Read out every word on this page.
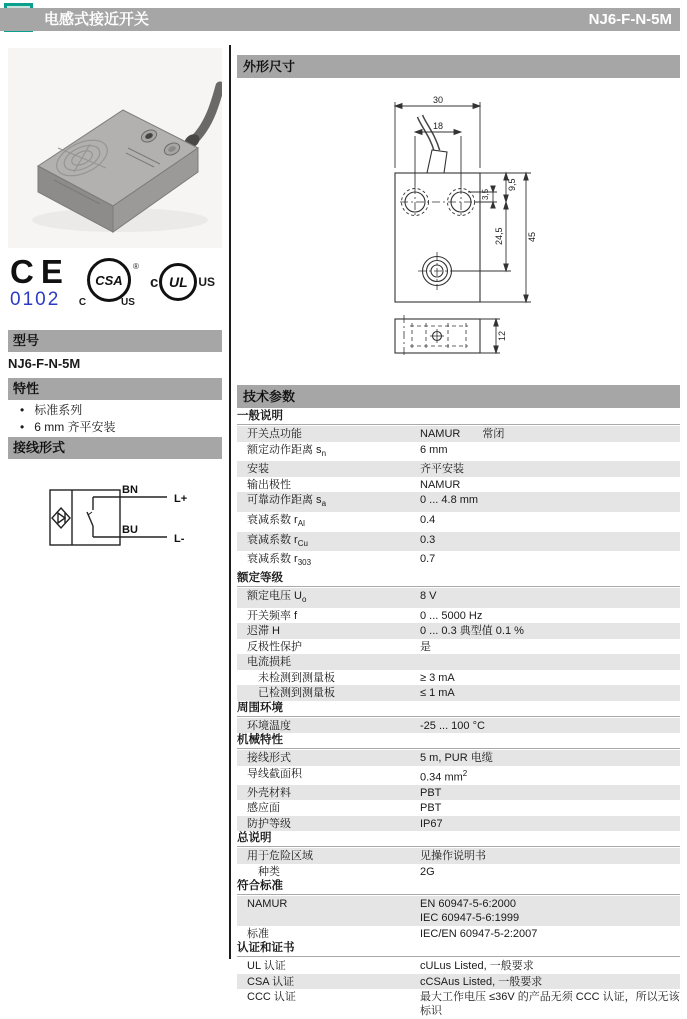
电感式接近开关	NJ6-F-N-5M
CE
0102
CSA
®
C	US
c UL US
型号
NJ6-F-N-5M
特性
• 标准系列
• 6 mm 齐平安装
接线形式
BN
BU
L+
L-
外形尺寸
30
18
9,5
3,5
24,5	45
12
技术参数
一般说明
开关点功能	NAMUR 常闭
额定动作距离 $s_n$	6 mm
安装	齐平安装
输出极性	NAMUR
可靠动作距离 $s_a$	0 ... 4.8 mm
衰减系数 $r_{Al}$	0.4
衰减系数 $r_{Cu}$	0.3
衰减系数 $r_{303}$	0.7
额定等级
额定电压 $U_o$	8 V
开关频率 f	0 ... 5000 Hz
迟滞 H	0 ... 0.3 典型值 0.1 %
反极性保护	是
电流损耗
未检测到测量板	≥ 3 mA
已检测到测量板	≤ 1 mA
周围环境
环境温度	-25 ... 100 °C
机械特性
接线形式	5 m, PUR 电缆
导线截面积	0.34 $mm^2$
外壳材料	PBT
感应面	PBT
防护等级	IP67
总说明
用于危险区域	见操作说明书
种类	2G
符合标准
NAMUR	EN 60947-5-6:2000
IEC 60947-5-6:1999
标准	IEC/EN 60947-5-2:2007
认证和证书
UL 认证	cULus Listed, 一般要求
CSA 认证	cCSAus Listed, 一般要求
CCC 认证	最大工作电压 ≤36V 的产品无须 CCC 认证，所以无该
标识
